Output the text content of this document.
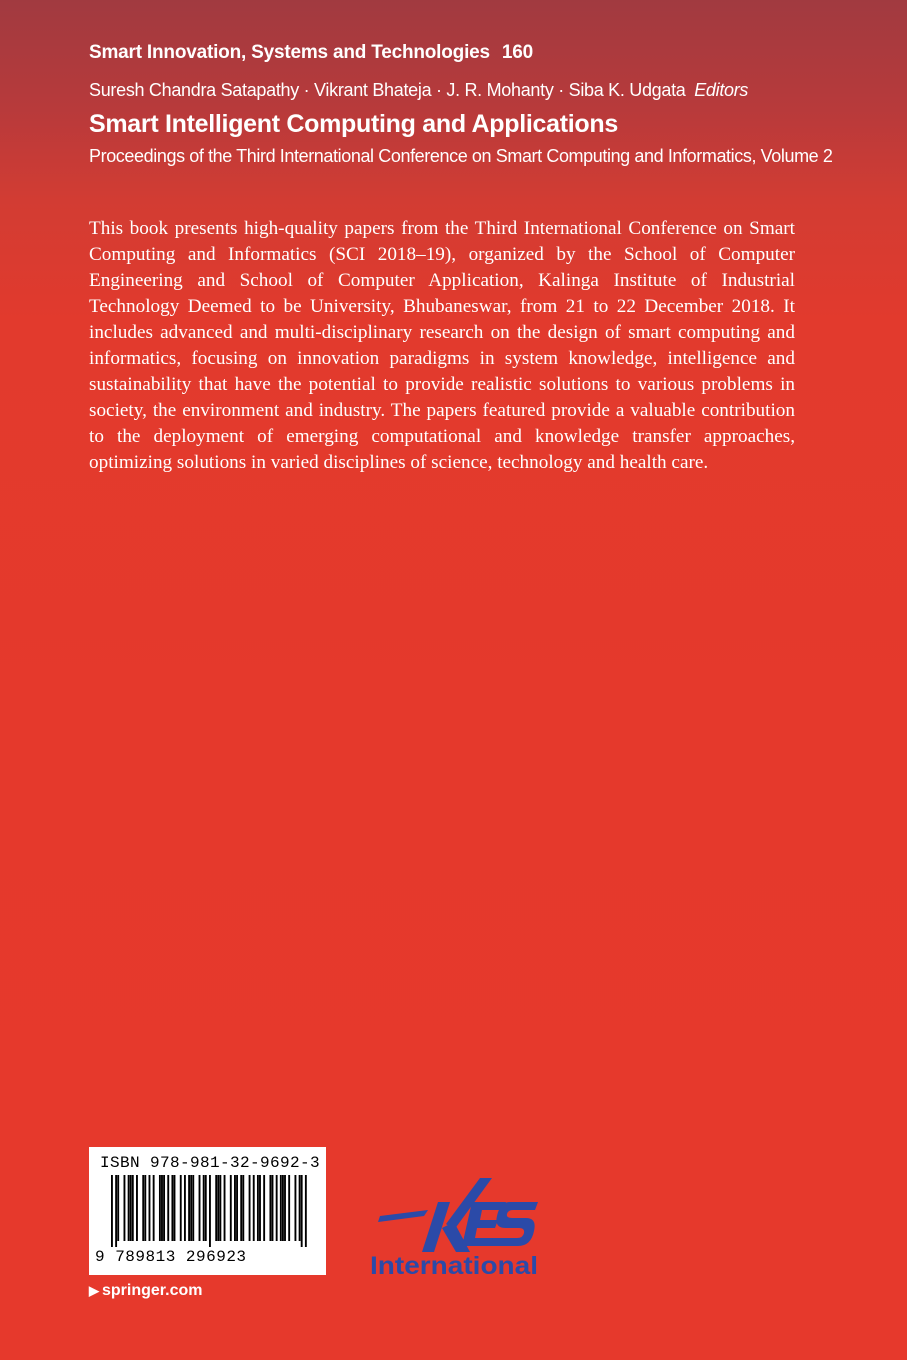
Smart Innovation, Systems and Technologies 160
Suresh Chandra Satapathy · Vikrant Bhateja · J. R. Mohanty · Siba K. Udgata Editors
Smart Intelligent Computing and Applications
Proceedings of the Third International Conference on Smart Computing and Informatics, Volume 2

This book presents high-quality papers from the Third International Conference on Smart Computing and Informatics (SCI 2018–19), organized by the School of Computer Engineering and School of Computer Application, Kalinga Institute of Industrial Technology Deemed to be University, Bhubaneswar, from 21 to 22 December 2018. It includes advanced and multi-disciplinary research on the design of smart computing and informatics, focusing on innovation paradigms in system knowledge, intelligence and sustainability that have the potential to provide realistic solutions to various problems in society, the environment and industry. The papers featured provide a valuable contribution to the deployment of emerging computational and knowledge transfer approaches, optimizing solutions in varied disciplines of science, technology and health care.

ISBN 978-981-32-9692-3
9 789813 296923
▶ springer.com
International
